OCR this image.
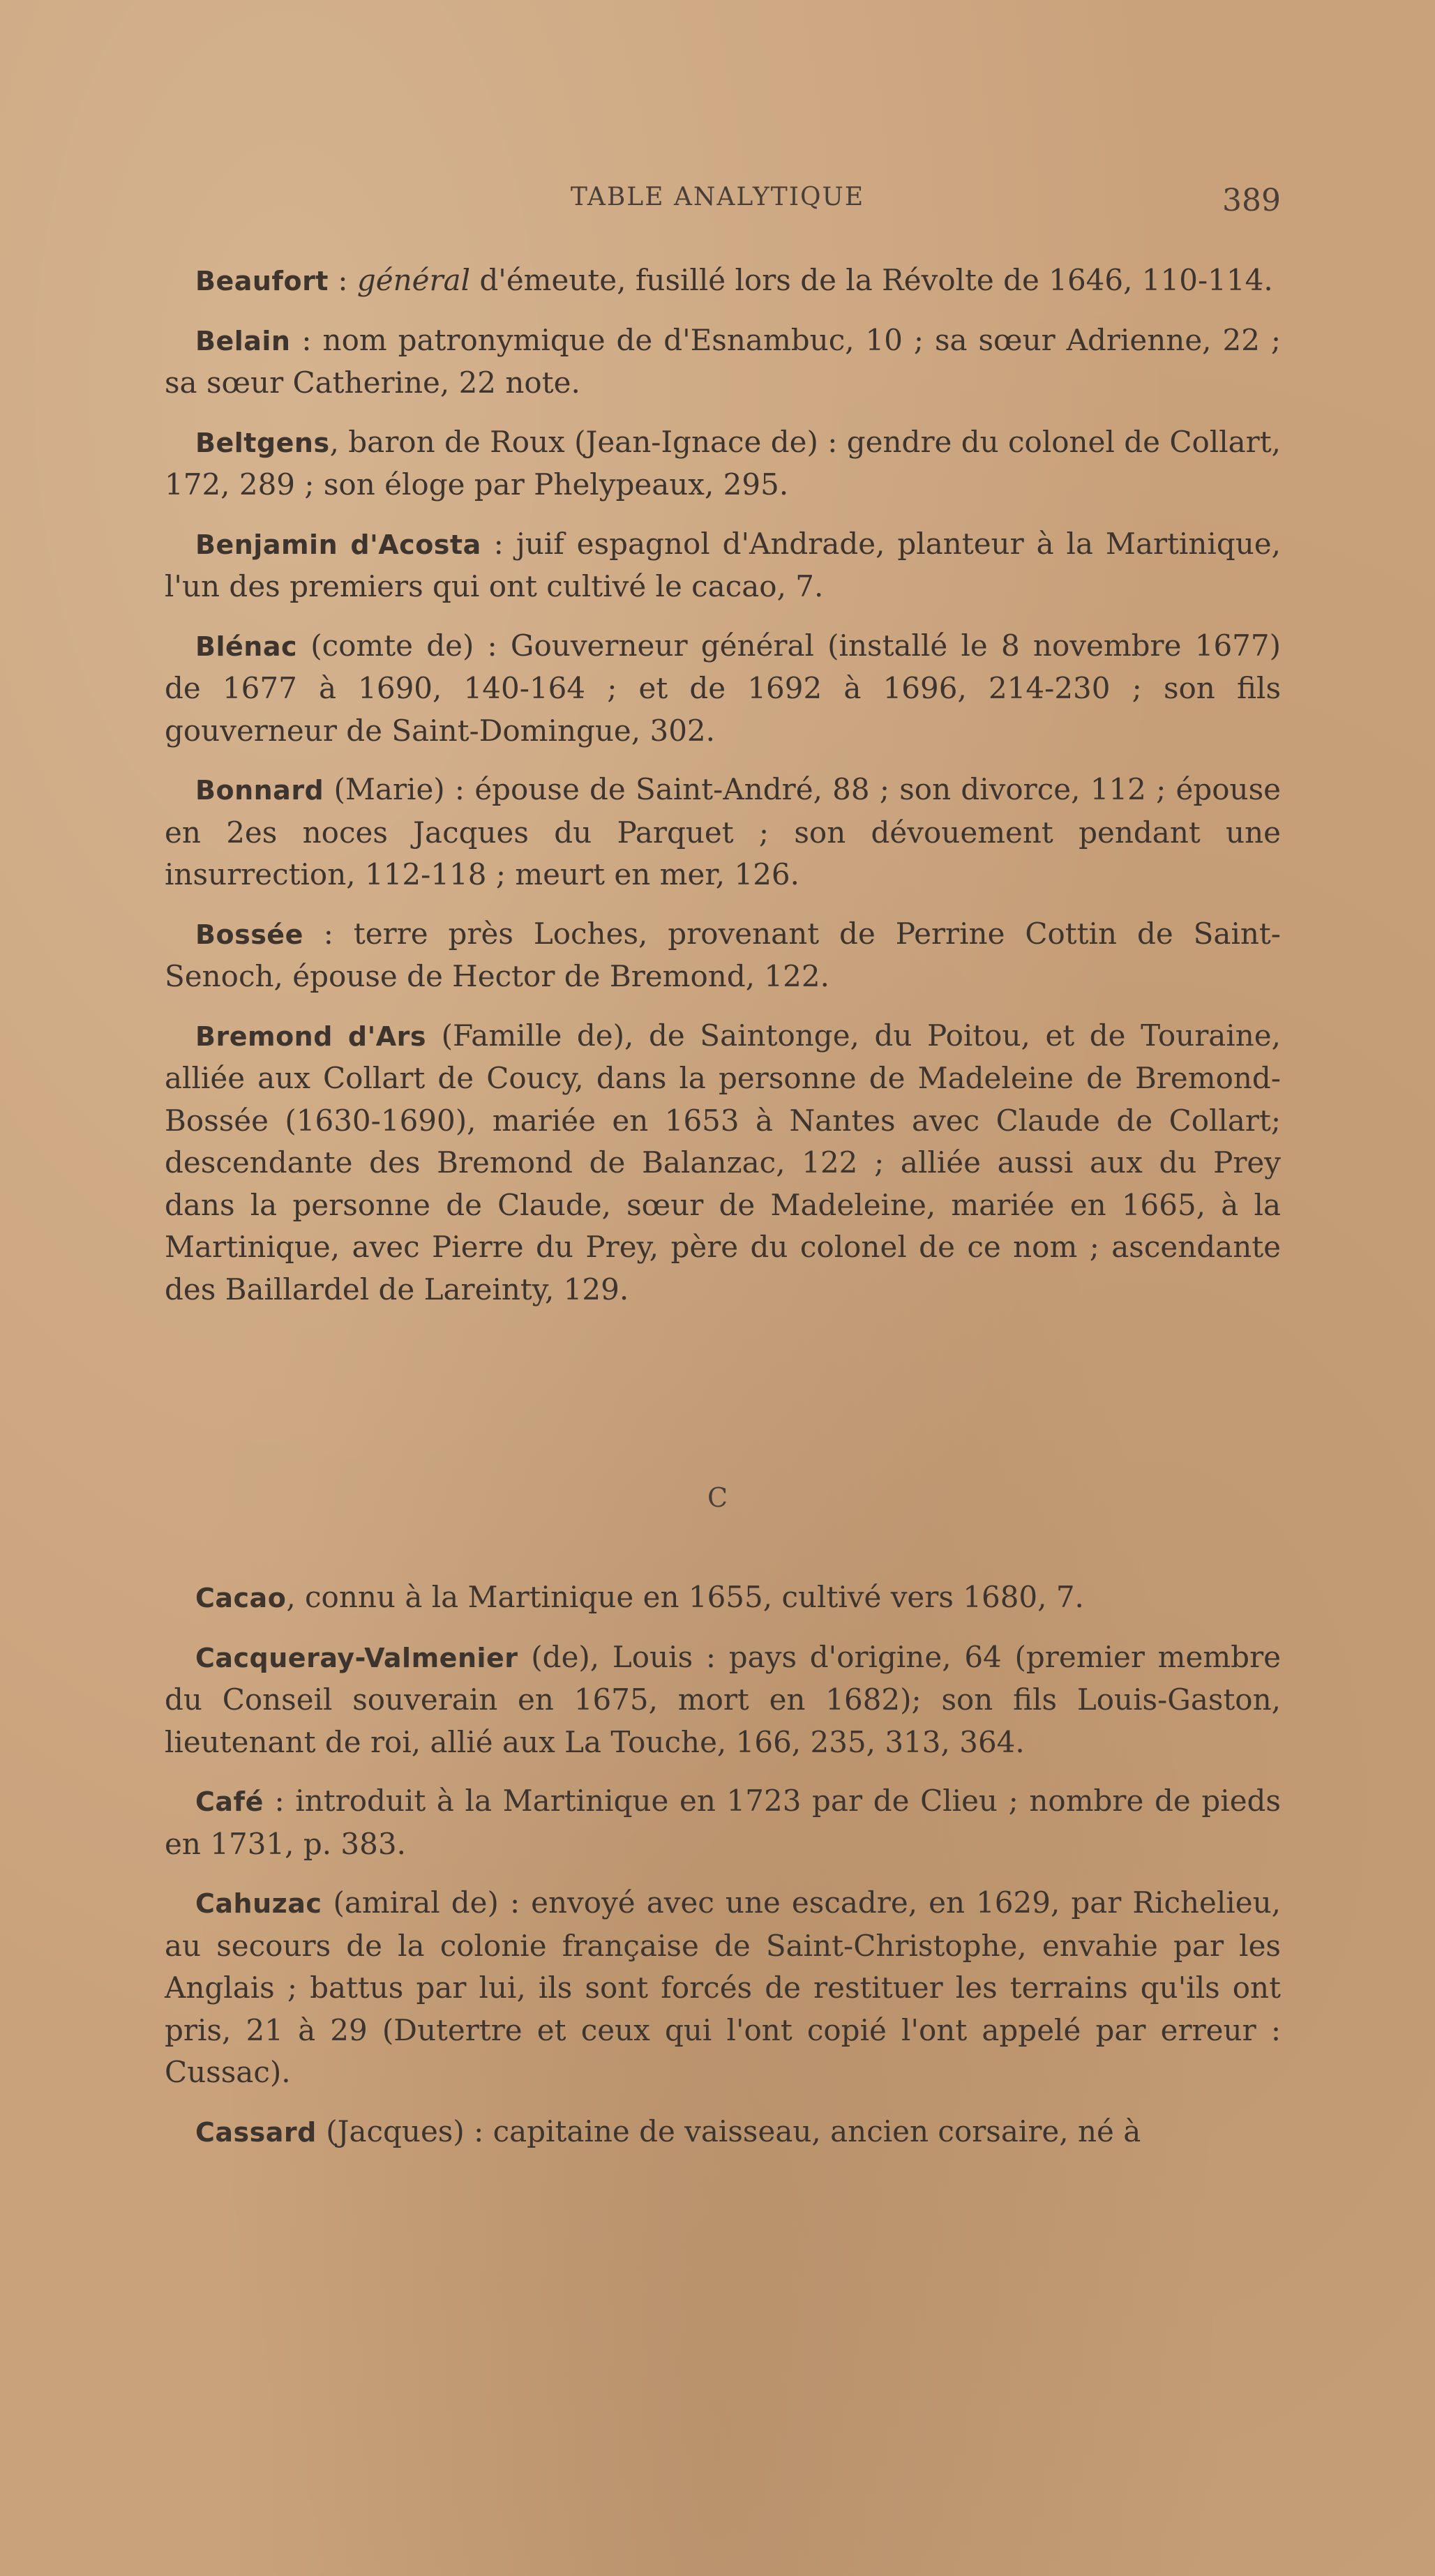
TABLE ANALYTIQUE	389

Beaufort : général d'émeute, fusillé lors de la Révolte de 1646, 110-114.

Belain : nom patronymique de d'Esnambuc, 10 ; sa sœur Adrienne, 22 ; sa sœur Catherine, 22 note.

Beltgens, baron de Roux (Jean-Ignace de) : gendre du colonel de Collart, 172, 289 ; son éloge par Phelypeaux, 295.

Benjamin d'Acosta : juif espagnol d'Andrade, planteur à la Martinique, l'un des premiers qui ont cultivé le cacao, 7.

Blénac (comte de) : Gouverneur général (installé le 8 novembre 1677) de 1677 à 1690, 140-164 ; et de 1692 à 1696, 214-230 ; son fils gouverneur de Saint-Domingue, 302.

Bonnard (Marie) : épouse de Saint-André, 88 ; son divorce, 112 ; épouse en 2es noces Jacques du Parquet ; son dévouement pendant une insurrection, 112-118 ; meurt en mer, 126.

Bossée : terre près Loches, provenant de Perrine Cottin de Saint-Senoch, épouse de Hector de Bremond, 122.

Bremond d'Ars (Famille de), de Saintonge, du Poitou, et de Touraine, alliée aux Collart de Coucy, dans la personne de Madeleine de Bremond-Bossée (1630-1690), mariée en 1653 à Nantes avec Claude de Collart; descendante des Bremond de Balanzac, 122 ; alliée aussi aux du Prey dans la personne de Claude, sœur de Madeleine, mariée en 1665, à la Martinique, avec Pierre du Prey, père du colonel de ce nom ; ascendante des Baillardel de Lareinty, 129.

C

Cacao, connu à la Martinique en 1655, cultivé vers 1680, 7.

Cacqueray-Valmenier (de), Louis : pays d'origine, 64 (premier membre du Conseil souverain en 1675, mort en 1682); son fils Louis-Gaston, lieutenant de roi, allié aux La Touche, 166, 235, 313, 364.

Café : introduit à la Martinique en 1723 par de Clieu ; nombre de pieds en 1731, p. 383.

Cahuzac (amiral de) : envoyé avec une escadre, en 1629, par Richelieu, au secours de la colonie française de Saint-Christophe, envahie par les Anglais ; battus par lui, ils sont forcés de restituer les terrains qu'ils ont pris, 21 à 29 (Dutertre et ceux qui l'ont copié l'ont appelé par erreur : Cussac).

Cassard (Jacques) : capitaine de vaisseau, ancien corsaire, né à
